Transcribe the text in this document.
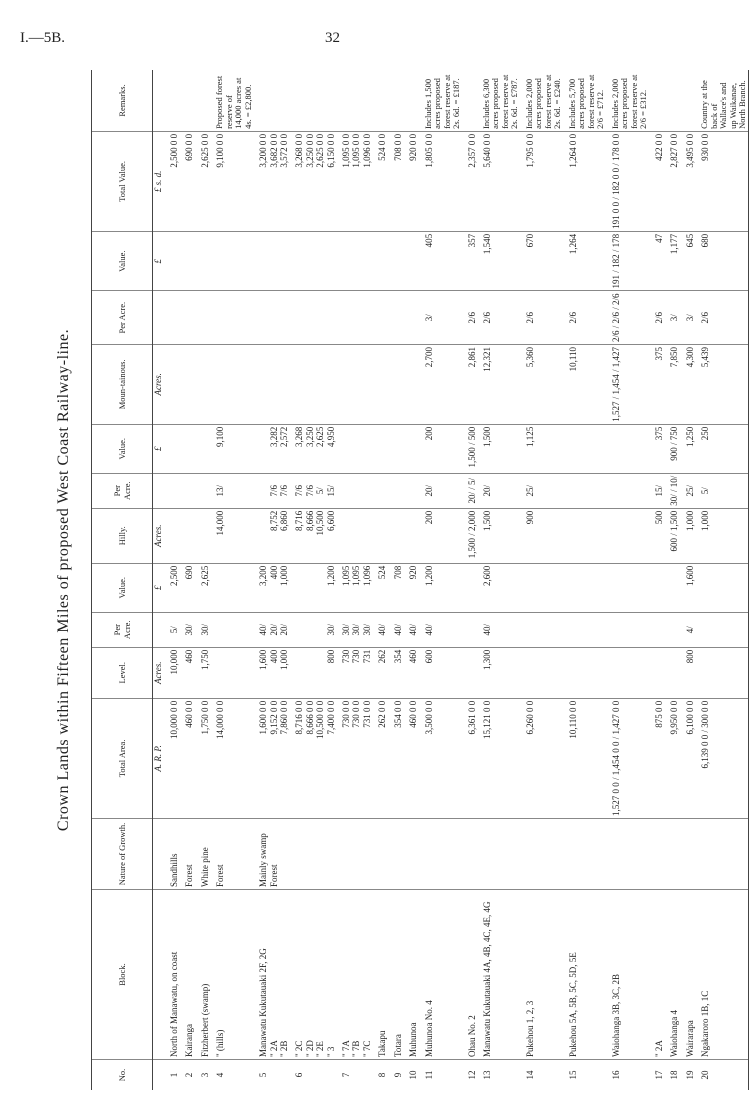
I.—5B.	32
Crown Lands within Fifteen Miles of proposed West Coast Railway-line.
No.	Block.	Nature of Growth.	Total Area.	Level.	Per Acre.	Value.	Hilly.	Per Acre.	Value.	Moun-tainous.	Per Acre.	Value.	Total Value.	Remarks.
			A. R. P.	Acres.		£	Acres.		£	Acres.		£	£ s. d.	
1	North of Manawatu, on coast	Sandhills	10,000 0 0	10,000	5/	2,500							2,500 0 0	
2	Kairanga	Forest	460 0 0	460	30/	690							690 0 0	
3	Fitzherbert (swamp)	White pine	1,750 0 0	1,750	30/	2,625							2,625 0 0	
4	" (hills)	Forest	14,000 0 0				14,000	13/	9,100				9,100 0 0	Proposed forest reserve of 14,000 acres at 4s. = £2,800.
5	Manawatu Kukutauaki 2F, 2G	Mainly swamp	1,600 0 0	1,600	40/	3,200							3,200 0 0	
	" 2A	Forest	9,152 0 0	400	20/	400	8,752	7/6	3,282				3,682 0 0	
	" 2B		7,860 0 0	1,000	20/	1,000	6,860	7/6	2,572				3,572 0 0	
6	" 2C		8,716 0 0				8,716	7/6	3,268				3,268 0 0	
	" 2D		8,666 0 0				8,666	7/6	3,250				3,250 0 0	
	" 2E		10,500 0 0				10,500	5/	2,625				2,625 0 0	
	" 3		7,400 0 0	800	30/	1,200	6,600	15/	4,950				6,150 0 0	
7	" 7A		730 0 0	730	30/	1,095							1,095 0 0	
	" 7B		730 0 0	730	30/	1,095							1,095 0 0	
	" 7C		731 0 0	731	30/	1,096							1,096 0 0	
8	Takapu		262 0 0	262	40/	524							524 0 0	
9	Totara		354 0 0	354	40/	708							708 0 0	
10	Muhunoa		460 0 0	460	40/	920							920 0 0	
11	Muhunoa No. 4		3,500 0 0	600	40/	1,200	200	20/	200	2,700	3/	405	1,805 0 0	Includes 1,500 acres proposed forest reserve at 2s. 6d. = £187.
12	Ohau No. 2		6,361 0 0				1,500 / 2,000	20/ / 5/	1,500 / 500	2,861	2/6	357	2,357 0 0	
13	Manawatu Kukutauaki 4A, 4B, 4C, 4E, 4G		15,121 0 0	1,300	40/	2,600	1,500	20/	1,500	12,321	2/6	1,540	5,640 0 0	Includes 6,300 acres proposed forest reserve at 2s. 6d. = £787.
14	Pukehou 1, 2, 3		6,260 0 0				900	25/	1,125	5,360	2/6	670	1,795 0 0	Includes 2,000 acres proposed forest reserve at 2s. 6d. = £240.
15	Pukehou 5A, 5B, 5C, 5D, 5E		10,110 0 0							10,110	2/6	1,264	1,264 0 0	Includes 5,700 acres proposed forest reserve at 2/6 = £712.
16	Waiohanga 3B, 3C, 2B		1,527 0 0 / 1,454 0 0 / 1,427 0 0							1,527 / 1,454 / 1,427	2/6 / 2/6 / 2/6	191 / 182 / 178	191 0 0 / 182 0 0 / 178 0 0	Includes 2,000 acres proposed forest reserve at 2/6 = £312.
17	" 2A		875 0 0				500	15/	375	375	2/6	47	422 0 0	
18	Waiohanga 4		9,950 0 0				600 / 1,500	30/ / 10/	900 / 750	7,850	3/	1,177	2,827 0 0	
19	Wairarapa		6,100 0 0	800	4/	1,600	1,000	25/	1,250	4,300	3/	645	3,495 0 0	
20	Ngakaroro 1B, 1C		6,139 0 0 / 300 0 0				1,000	5/	250	5,439	2/6	680	930 0 0	Country at the back of Wallace's and up Waikanae, North Branch.
